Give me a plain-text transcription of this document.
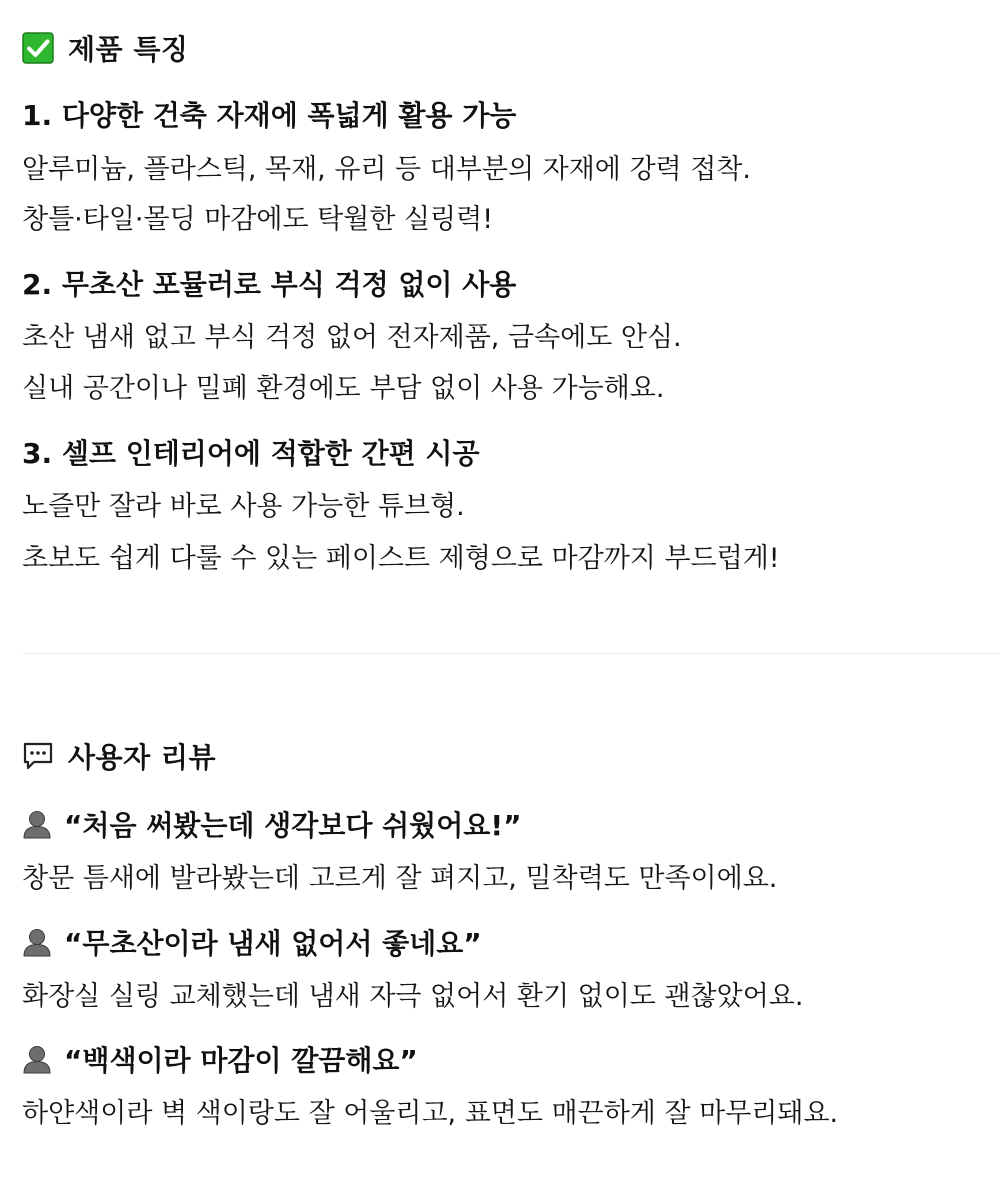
제품 특징
1. 다양한 건축 자재에 폭넓게 활용 가능
알루미늄, 플라스틱, 목재, 유리 등 대부분의 자재에 강력 접착.
창틀·타일·몰딩 마감에도 탁월한 실링력!
2. 무초산 포뮬러로 부식 걱정 없이 사용
초산 냄새 없고 부식 걱정 없어 전자제품, 금속에도 안심.
실내 공간이나 밀폐 환경에도 부담 없이 사용 가능해요.
3. 셀프 인테리어에 적합한 간편 시공
노즐만 잘라 바로 사용 가능한 튜브형.
초보도 쉽게 다룰 수 있는 페이스트 제형으로 마감까지 부드럽게!
사용자 리뷰
“처음 써봤는데 생각보다 쉬웠어요!”
창문 틈새에 발라봤는데 고르게 잘 펴지고, 밀착력도 만족이에요.
“무초산이라 냄새 없어서 좋네요”
화장실 실링 교체했는데 냄새 자극 없어서 환기 없이도 괜찮았어요.
“백색이라 마감이 깔끔해요”
하얀색이라 벽 색이랑도 잘 어울리고, 표면도 매끈하게 잘 마무리돼요.
